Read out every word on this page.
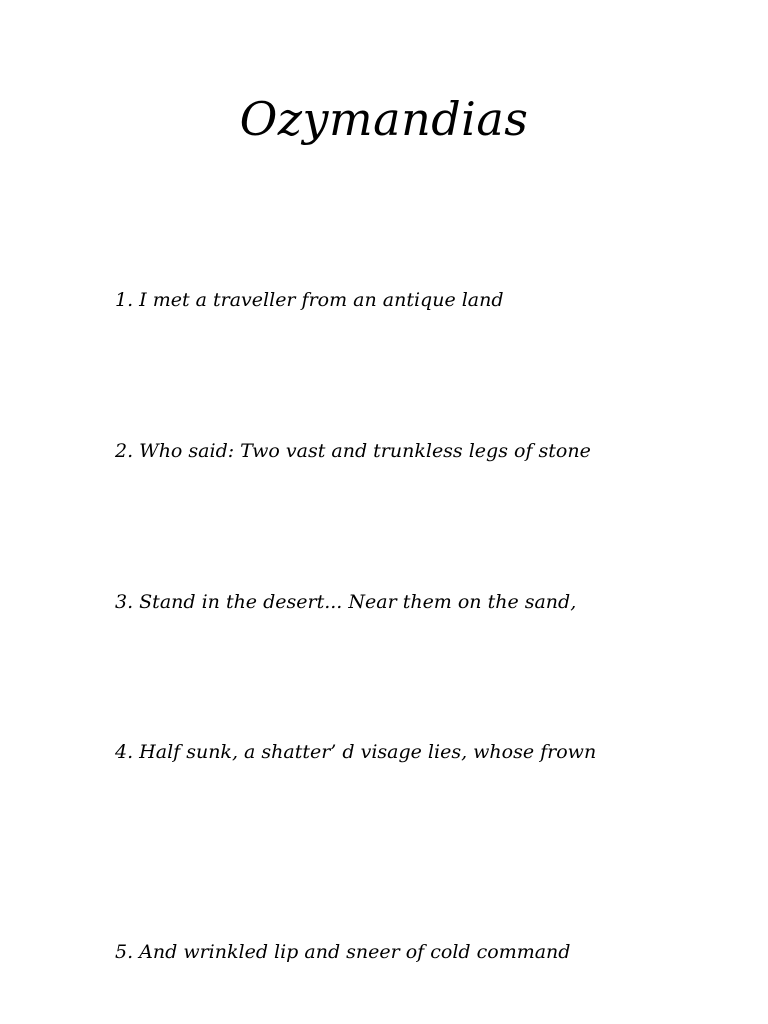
Ozymandias
1. I met a traveller from an antique land
2. Who said: Two vast and trunkless legs of stone
3. Stand in the desert... Near them on the sand,
4. Half sunk, a shatter’ d visage lies, whose frown
5. And wrinkled lip and sneer of cold command
